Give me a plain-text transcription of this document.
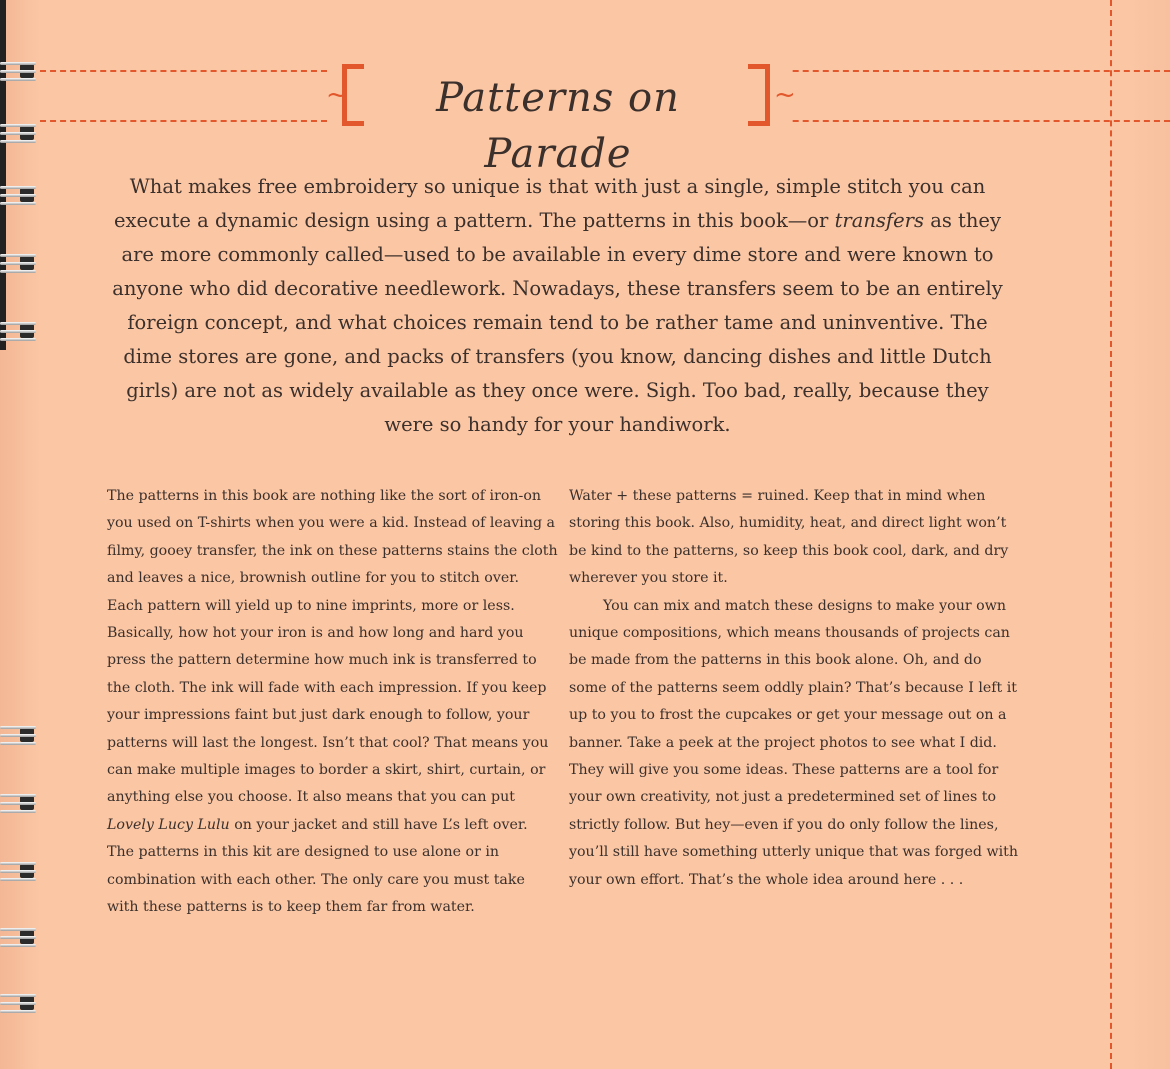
~	~
Patterns on Parade
What makes free embroidery so unique is that with just a single, simple stitch you can execute a dynamic design using a pattern. The patterns in this book—or transfers as they are more commonly called—used to be available in every dime store and were known to anyone who did decorative needlework. Nowadays, these transfers seem to be an entirely foreign concept, and what choices remain tend to be rather tame and uninventive. The dime stores are gone, and packs of transfers (you know, dancing dishes and little Dutch girls) are not as widely available as they once were. Sigh. Too bad, really, because they were so handy for your handiwork.

The patterns in this book are nothing like the sort of iron-on you used on T-shirts when you were a kid. Instead of leaving a filmy, gooey transfer, the ink on these patterns stains the cloth and leaves a nice, brownish outline for you to stitch over. Each pattern will yield up to nine imprints, more or less. Basically, how hot your iron is and how long and hard you press the pattern determine how much ink is transferred to the cloth. The ink will fade with each impression. If you keep your impressions faint but just dark enough to follow, your patterns will last the longest. Isn’t that cool? That means you can make multiple images to border a skirt, shirt, curtain, or anything else you choose. It also means that you can put Lovely Lucy Lulu on your jacket and still have L’s left over. The patterns in this kit are designed to use alone or in combination with each other. The only care you must take with these patterns is to keep them far from water.

Water + these patterns = ruined. Keep that in mind when storing this book. Also, humidity, heat, and direct light won’t be kind to the patterns, so keep this book cool, dark, and dry wherever you store it.

You can mix and match these designs to make your own unique compositions, which means thousands of projects can be made from the patterns in this book alone. Oh, and do some of the patterns seem oddly plain? That’s because I left it up to you to frost the cupcakes or get your message out on a banner. Take a peek at the project photos to see what I did. They will give you some ideas. These patterns are a tool for your own creativity, not just a predetermined set of lines to strictly follow. But hey—even if you do only follow the lines, you’ll still have something utterly unique that was forged with your own effort. That’s the whole idea around here . . .
